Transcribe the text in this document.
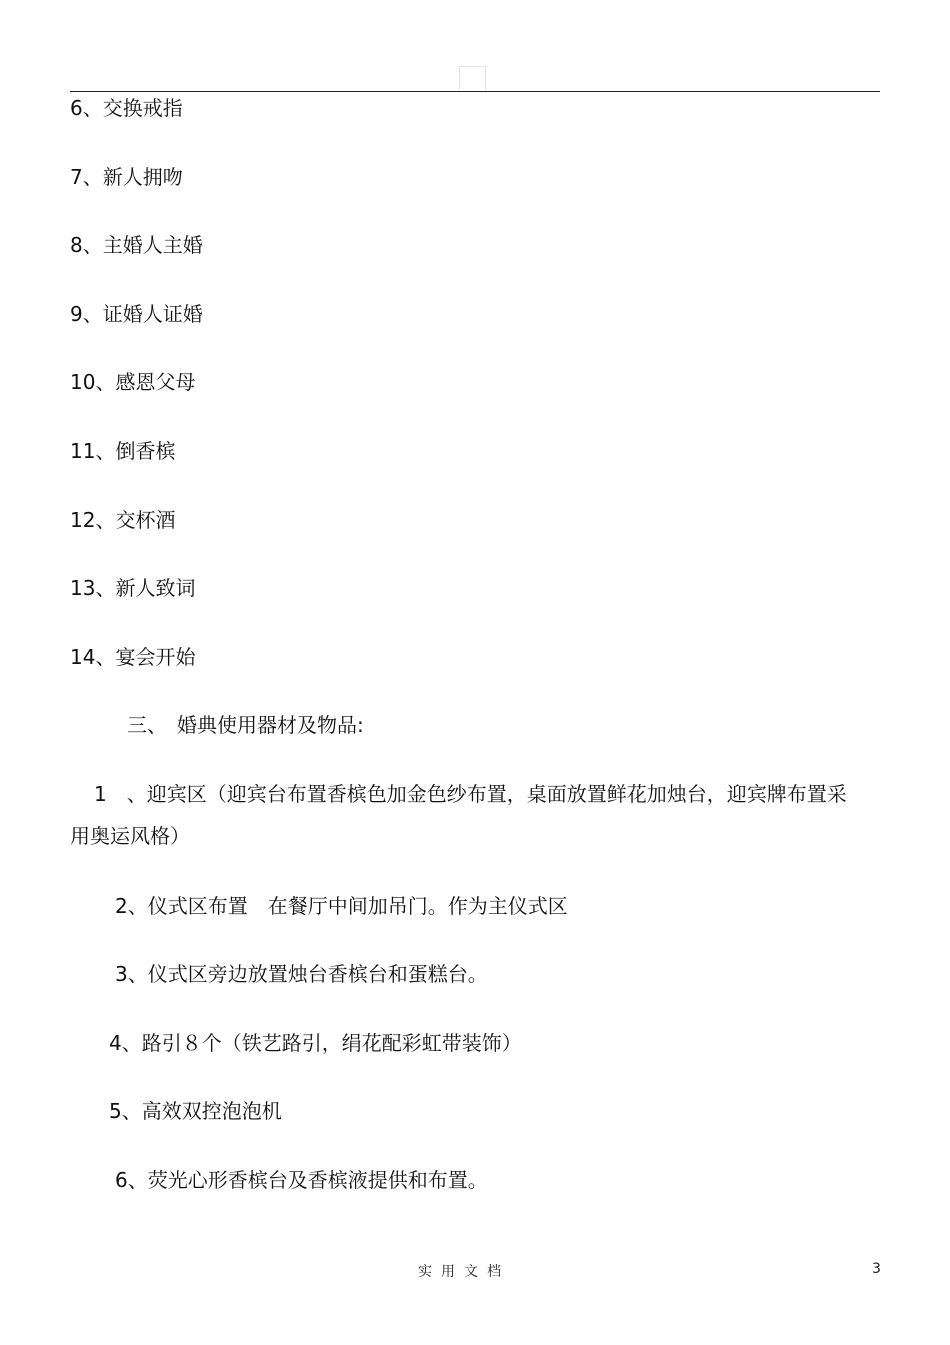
6、交换戒指
7、新人拥吻
8、主婚人主婚
9、证婚人证婚
10、感恩父母
11、倒香槟
12、交杯酒
13、新人致词
14、宴会开始
三、　婚典使用器材及物品:
1　、迎宾区（迎宾台布置香槟色加金色纱布置，桌面放置鲜花加烛台，迎宾牌布置采用奥运风格）
2、仪式区布置　在餐厅中间加吊门。作为主仪式区
3、仪式区旁边放置烛台香槟台和蛋糕台。
4、路引８个（铁艺路引，绢花配彩虹带装饰）
5、高效双控泡泡机
6、荧光心形香槟台及香槟液提供和布置。
实用文档	3
